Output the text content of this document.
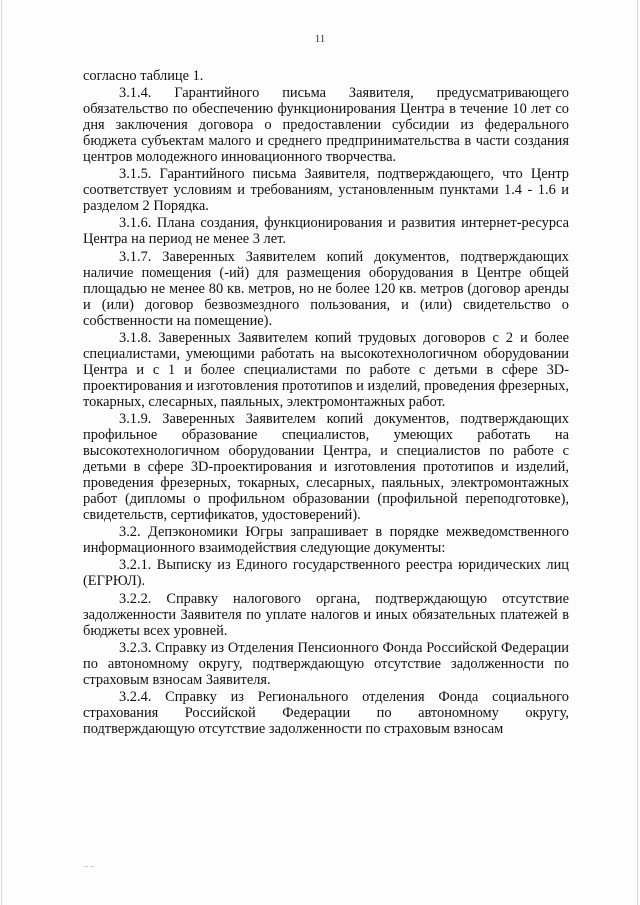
11

согласно таблице 1.

3.1.4. Гарантийного письма Заявителя, предусматривающего обязательство по обеспечению функционирования Центра в течение 10 лет со дня заключения договора о предоставлении субсидии из федерального бюджета субъектам малого и среднего предпринимательства в части создания центров молодежного инновационного творчества.

3.1.5. Гарантийного письма Заявителя, подтверждающего, что Центр соответствует условиям и требованиям, установленным пунктами 1.4 - 1.6 и разделом 2 Порядка.

3.1.6. Плана создания, функционирования и развития интернет-ресурса Центра на период не менее 3 лет.

3.1.7. Заверенных Заявителем копий документов, подтверждающих наличие помещения (-ий) для размещения оборудования в Центре общей площадью не менее 80 кв. метров, но не более 120 кв. метров (договор аренды и (или) договор безвозмездного пользования, и (или) свидетельство о собственности на помещение).

3.1.8. Заверенных Заявителем копий трудовых договоров с 2 и более специалистами, умеющими работать на высокотехнологичном оборудовании Центра и с 1 и более специалистами по работе с детьми в сфере 3D-проектирования и изготовления прототипов и изделий, проведения фрезерных, токарных, слесарных, паяльных, электромонтажных работ.

3.1.9. Заверенных Заявителем копий документов, подтверждающих профильное образование специалистов, умеющих работать на высокотехнологичном оборудовании Центра, и специалистов по работе с детьми в сфере 3D-проектирования и изготовления прототипов и изделий, проведения фрезерных, токарных, слесарных, паяльных, электромонтажных работ (дипломы о профильном образовании (профильной переподготовке), свидетельств, сертификатов, удостоверений).

3.2. Депэкономики Югры запрашивает в порядке межведомственного информационного взаимодействия следующие документы:

3.2.1. Выписку из Единого государственного реестра юридических лиц (ЕГРЮЛ).

3.2.2. Справку налогового органа, подтверждающую отсутствие задолженности Заявителя по уплате налогов и иных обязательных платежей в бюджеты всех уровней.

3.2.3. Справку из Отделения Пенсионного Фонда Российской Федерации по автономному округу, подтверждающую отсутствие задолженности по страховым взносам Заявителя.

3.2.4. Справку из Регионального отделения Фонда социального страхования Российской Федерации по автономному округу, подтверждающую отсутствие задолженности по страховым взносам

ㄧㄧ
